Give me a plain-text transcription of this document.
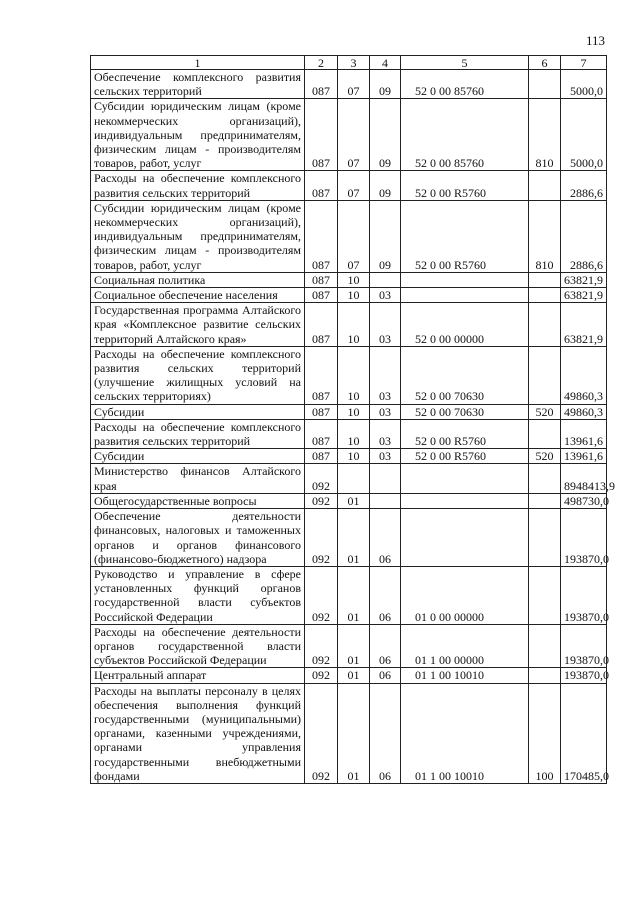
113
1	2	3	4	5	6	7
Обеспечение комплексного развития сельских территорий	087	07	09	52 0 00 85760		5000,0
Субсидии юридическим лицам (кроме некоммерческих организаций), индивидуальным предпринимателям, физическим лицам - производителям товаров, работ, услуг	087	07	09	52 0 00 85760	810	5000,0
Расходы на обеспечение комплексного развития сельских территорий	087	07	09	52 0 00 R5760		2886,6
Субсидии юридическим лицам (кроме некоммерческих организаций), индивидуальным предпринимателям, физическим лицам - производителям товаров, работ, услуг	087	07	09	52 0 00 R5760	810	2886,6
Социальная политика	087	10				63821,9
Социальное обеспечение населения	087	10	03			63821,9
Государственная программа Алтайского края «Комплексное развитие сельских территорий Алтайского края»	087	10	03	52 0 00 00000		63821,9
Расходы на обеспечение комплексного развития сельских территорий (улучшение жилищных условий на сельских территориях)	087	10	03	52 0 00 70630		49860,3
Субсидии	087	10	03	52 0 00 70630	520	49860,3
Расходы на обеспечение комплексного развития сельских территорий	087	10	03	52 0 00 R5760		13961,6
Субсидии	087	10	03	52 0 00 R5760	520	13961,6
Министерство финансов Алтайского края	092					8948413,9
Общегосударственные вопросы	092	01				498730,0
Обеспечение деятельности финансовых, налоговых и таможенных органов и органов финансового (финансово-бюджетного) надзора	092	01	06			193870,0
Руководство и управление в сфере установленных функций органов государственной власти субъектов Российской Федерации	092	01	06	01 0 00 00000		193870,0
Расходы на обеспечение деятельности органов государственной власти субъектов Российской Федерации	092	01	06	01 1 00 00000		193870,0
Центральный аппарат	092	01	06	01 1 00 10010		193870,0
Расходы на выплаты персоналу в целях обеспечения выполнения функций государственными (муниципальными) органами, казенными учреждениями, органами управления государственными внебюджетными фондами	092	01	06	01 1 00 10010	100	170485,0
